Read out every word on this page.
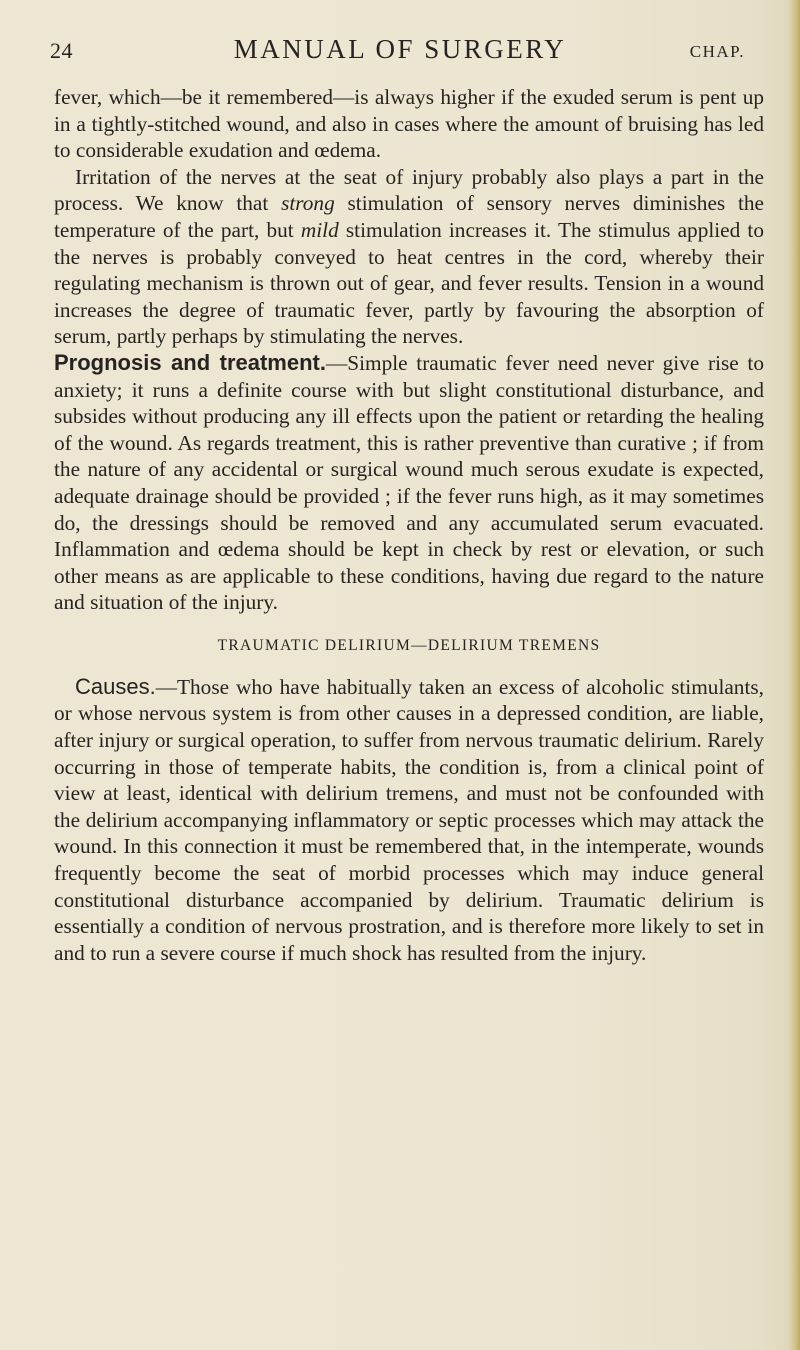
24	MANUAL OF SURGERY	CHAP.

fever, which—be it remembered—is always higher if the exuded serum is pent up in a tightly-stitched wound, and also in cases where the amount of bruising has led to considerable exudation and œdema.

Irritation of the nerves at the seat of injury probably also plays a part in the process. We know that strong stimulation of sensory nerves diminishes the temperature of the part, but mild stimulation increases it. The stimulus applied to the nerves is probably conveyed to heat centres in the cord, whereby their regulating mechanism is thrown out of gear, and fever results. Tension in a wound increases the degree of traumatic fever, partly by favouring the absorption of serum, partly perhaps by stimulating the nerves.

Prognosis and treatment.—Simple traumatic fever need never give rise to anxiety; it runs a definite course with but slight constitutional disturbance, and subsides without producing any ill effects upon the patient or retarding the healing of the wound. As regards treatment, this is rather preventive than curative ; if from the nature of any accidental or surgical wound much serous exudate is expected, adequate drainage should be provided ; if the fever runs high, as it may sometimes do, the dressings should be removed and any accumulated serum evacuated. Inflammation and œdema should be kept in check by rest or elevation, or such other means as are applicable to these conditions, having due regard to the nature and situation of the injury.

TRAUMATIC DELIRIUM—DELIRIUM TREMENS

Causes.—Those who have habitually taken an excess of alcoholic stimulants, or whose nervous system is from other causes in a depressed condition, are liable, after injury or surgical operation, to suffer from nervous traumatic delirium. Rarely occurring in those of temperate habits, the condition is, from a clinical point of view at least, identical with delirium tremens, and must not be confounded with the delirium accompanying inflammatory or septic processes which may attack the wound. In this connection it must be remembered that, in the intemperate, wounds frequently become the seat of morbid processes which may induce general constitutional disturbance accompanied by delirium. Traumatic delirium is essentially a condition of nervous prostration, and is therefore more likely to set in and to run a severe course if much shock has resulted from the injury.
